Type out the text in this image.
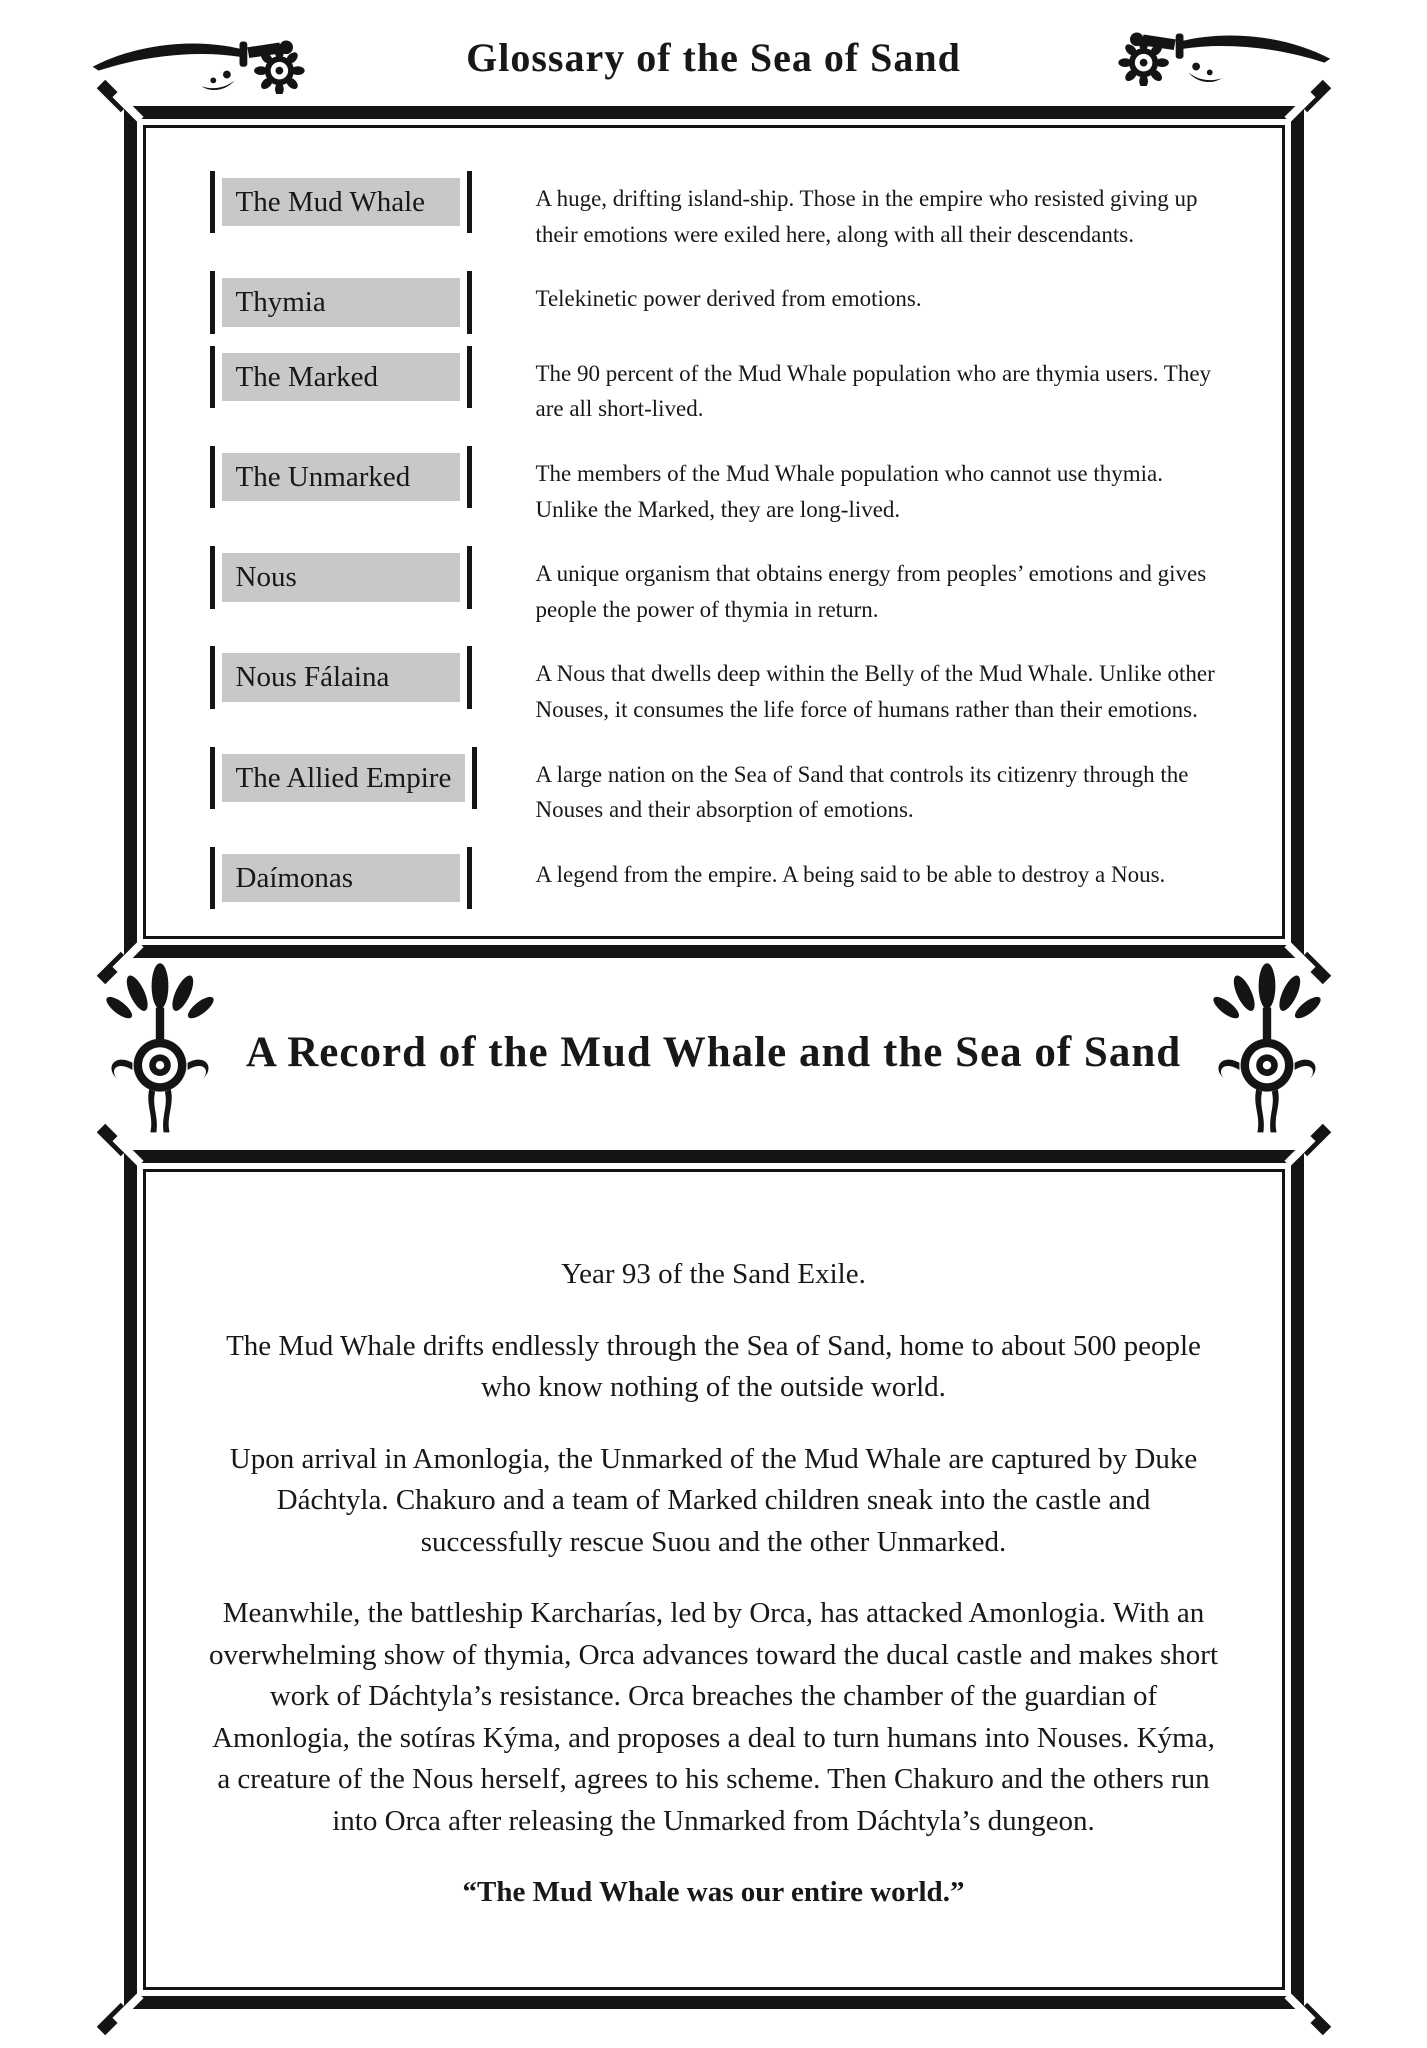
Glossary of the Sea of Sand
The Mud Whale	A huge, drifting island-ship. Those in the empire who resisted giving up their emotions were exiled here, along with all their descendants.

Thymia	Telekinetic power derived from emotions.

The Marked	The 90 percent of the Mud Whale population who are thymia users. They are all short-lived.

The Unmarked	The members of the Mud Whale population who cannot use thymia. Unlike the Marked, they are long-lived.

Nous	A unique organism that obtains energy from peoples’ emotions and gives people the power of thymia in return.

Nous Fálaina	A Nous that dwells deep within the Belly of the Mud Whale. Unlike other Nouses, it consumes the life force of humans rather than their emotions.

The Allied Empire	A large nation on the Sea of Sand that controls its citizenry through the Nouses and their absorption of emotions.

Daímonas	A legend from the empire. A being said to be able to destroy a Nous.

A Record of the Mud Whale and the Sea of Sand

Year 93 of the Sand Exile.

The Mud Whale drifts endlessly through the Sea of Sand, home to about 500 people who know nothing of the outside world.

Upon arrival in Amonlogia, the Unmarked of the Mud Whale are captured by Duke Dáchtyla. Chakuro and a team of Marked children sneak into the castle and successfully rescue Suou and the other Unmarked.

Meanwhile, the battleship Karcharías, led by Orca, has attacked Amonlogia. With an overwhelming show of thymia, Orca advances toward the ducal castle and makes short work of Dáchtyla’s resistance. Orca breaches the chamber of the guardian of Amonlogia, the sotíras Kýma, and proposes a deal to turn humans into Nouses. Kýma, a creature of the Nous herself, agrees to his scheme. Then Chakuro and the others run into Orca after releasing the Unmarked from Dáchtyla’s dungeon.

“The Mud Whale was our entire world.”
